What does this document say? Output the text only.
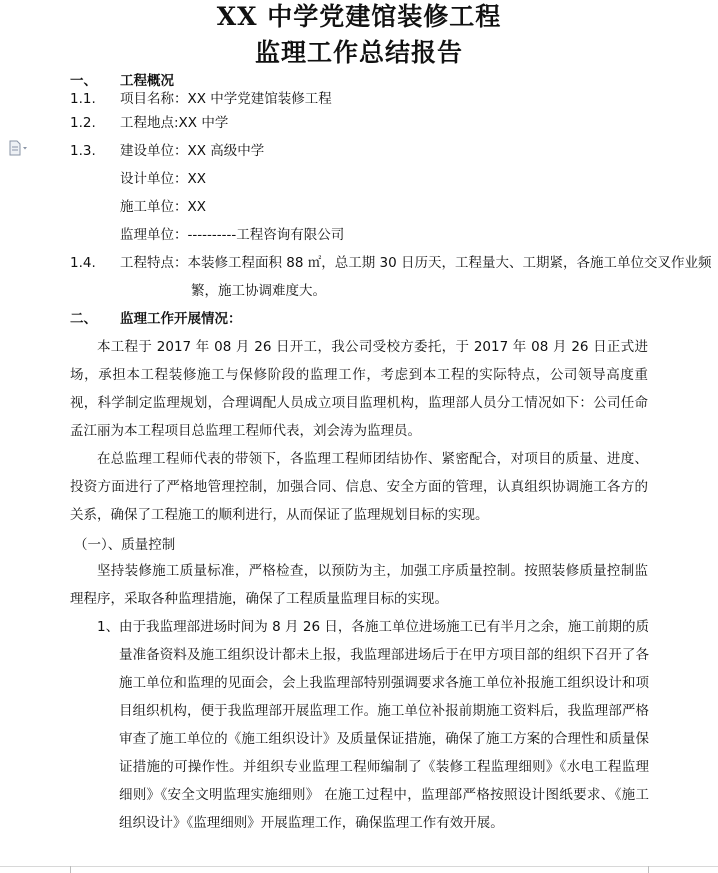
XX 中学党建馆装修工程
监理工作总结报告
一、 工程概况
1.1. 项目名称：XX 中学党建馆装修工程
1.2. 工程地点:XX 中学
1.3. 建设单位：XX 高级中学
设计单位：XX
施工单位：XX
监理单位：----------工程咨询有限公司
1.4. 工程特点：本装修工程面积 88 ㎡，总工期 30 日历天，工程量大、工期紧，各施工单位交叉作业频繁，施工协调难度大。
二、 监理工作开展情况：
本工程于 2017 年 08 月 26 日开工，我公司受校方委托，于 2017 年 08 月 26 日正式进场，承担本工程装修施工与保修阶段的监理工作，考虑到本工程的实际特点，公司领导高度重视，科学制定监理规划，合理调配人员成立项目监理机构，监理部人员分工情况如下：公司任命孟江丽为本工程项目总监理工程师代表，刘会涛为监理员。
在总监理工程师代表的带领下，各监理工程师团结协作、紧密配合，对项目的质量、进度、投资方面进行了严格地管理控制，加强合同、信息、安全方面的管理，认真组织协调施工各方的关系，确保了工程施工的顺利进行，从而保证了监理规划目标的实现。
（一）、质量控制
坚持装修施工质量标准，严格检查，以预防为主，加强工序质量控制。按照装修质量控制监理程序，采取各种监理措施，确保了工程质量监理目标的实现。
1、 由于我监理部进场时间为 8 月 26 日，各施工单位进场施工已有半月之余，施工前期的质量准备资料及施工组织设计都未上报，我监理部进场后于在甲方项目部的组织下召开了各施工单位和监理的见面会，会上我监理部特别强调要求各施工单位补报施工组织设计和项目组织机构，便于我监理部开展监理工作。施工单位补报前期施工资料后，我监理部严格审查了施工单位的《施工组织设计》及质量保证措施，确保了施工方案的合理性和质量保证措施的可操作性。并组织专业监理工程师编制了《装修工程监理细则》《水电工程监理细则》《安全文明监理实施细则》 在施工过程中，监理部严格按照设计图纸要求、《施工组织设计》《监理细则》开展监理工作，确保监理工作有效开展。
